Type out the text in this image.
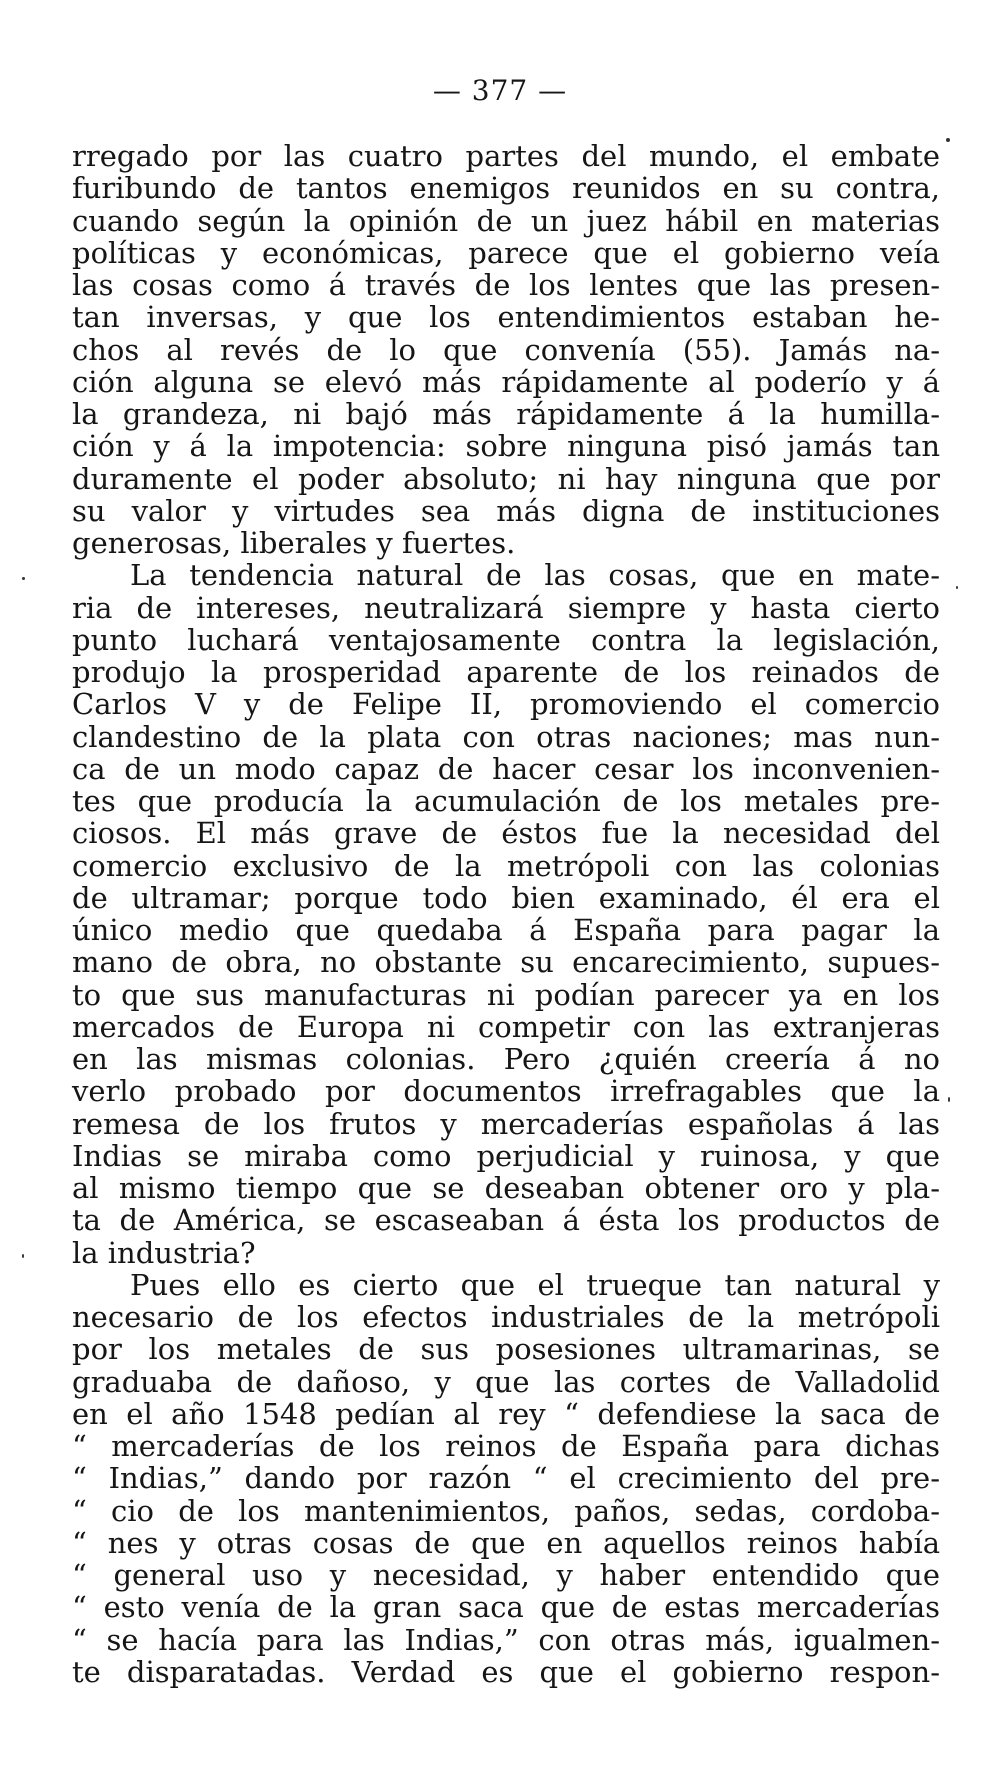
— 377 —
rregado por las cuatro partes del mundo, el embate
furibundo de tantos enemigos reunidos en su contra,
cuando según la opinión de un juez hábil en materias
políticas y económicas, parece que el gobierno veía
las cosas como á través de los lentes que las presen-
tan inversas, y que los entendimientos estaban he-
chos al revés de lo que convenía (55). Jamás na-
ción alguna se elevó más rápidamente al poderío y á
la grandeza, ni bajó más rápidamente á la humilla-
ción y á la impotencia: sobre ninguna pisó jamás tan
duramente el poder absoluto; ni hay ninguna que por
su valor y virtudes sea más digna de instituciones
generosas, liberales y fuertes.
La tendencia natural de las cosas, que en mate-
ria de intereses, neutralizará siempre y hasta cierto
punto luchará ventajosamente contra la legislación,
produjo la prosperidad aparente de los reinados de
Carlos V y de Felipe II, promoviendo el comercio
clandestino de la plata con otras naciones; mas nun-
ca de un modo capaz de hacer cesar los inconvenien-
tes que producía la acumulación de los metales pre-
ciosos. El más grave de éstos fue la necesidad del
comercio exclusivo de la metrópoli con las colonias
de ultramar; porque todo bien examinado, él era el
único medio que quedaba á España para pagar la
mano de obra, no obstante su encarecimiento, supues-
to que sus manufacturas ni podían parecer ya en los
mercados de Europa ni competir con las extranjeras
en las mismas colonias. Pero ¿quién creería á no
verlo probado por documentos irrefragables que la
remesa de los frutos y mercaderías españolas á las
Indias se miraba como perjudicial y ruinosa, y que
al mismo tiempo que se deseaban obtener oro y pla-
ta de América, se escaseaban á ésta los productos de
la industria?
Pues ello es cierto que el trueque tan natural y
necesario de los efectos industriales de la metrópoli
por los metales de sus posesiones ultramarinas, se
graduaba de dañoso, y que las cortes de Valladolid
en el año 1548 pedían al rey “ defendiese la saca de
“ mercaderías de los reinos de España para dichas
“ Indias,” dando por razón “ el crecimiento del pre-
“ cio de los mantenimientos, paños, sedas, cordoba-
“ nes y otras cosas de que en aquellos reinos había
“ general uso y necesidad, y haber entendido que
“ esto venía de la gran saca que de estas mercaderías
“ se hacía para las Indias,” con otras más, igualmen-
te disparatadas. Verdad es que el gobierno respon-
